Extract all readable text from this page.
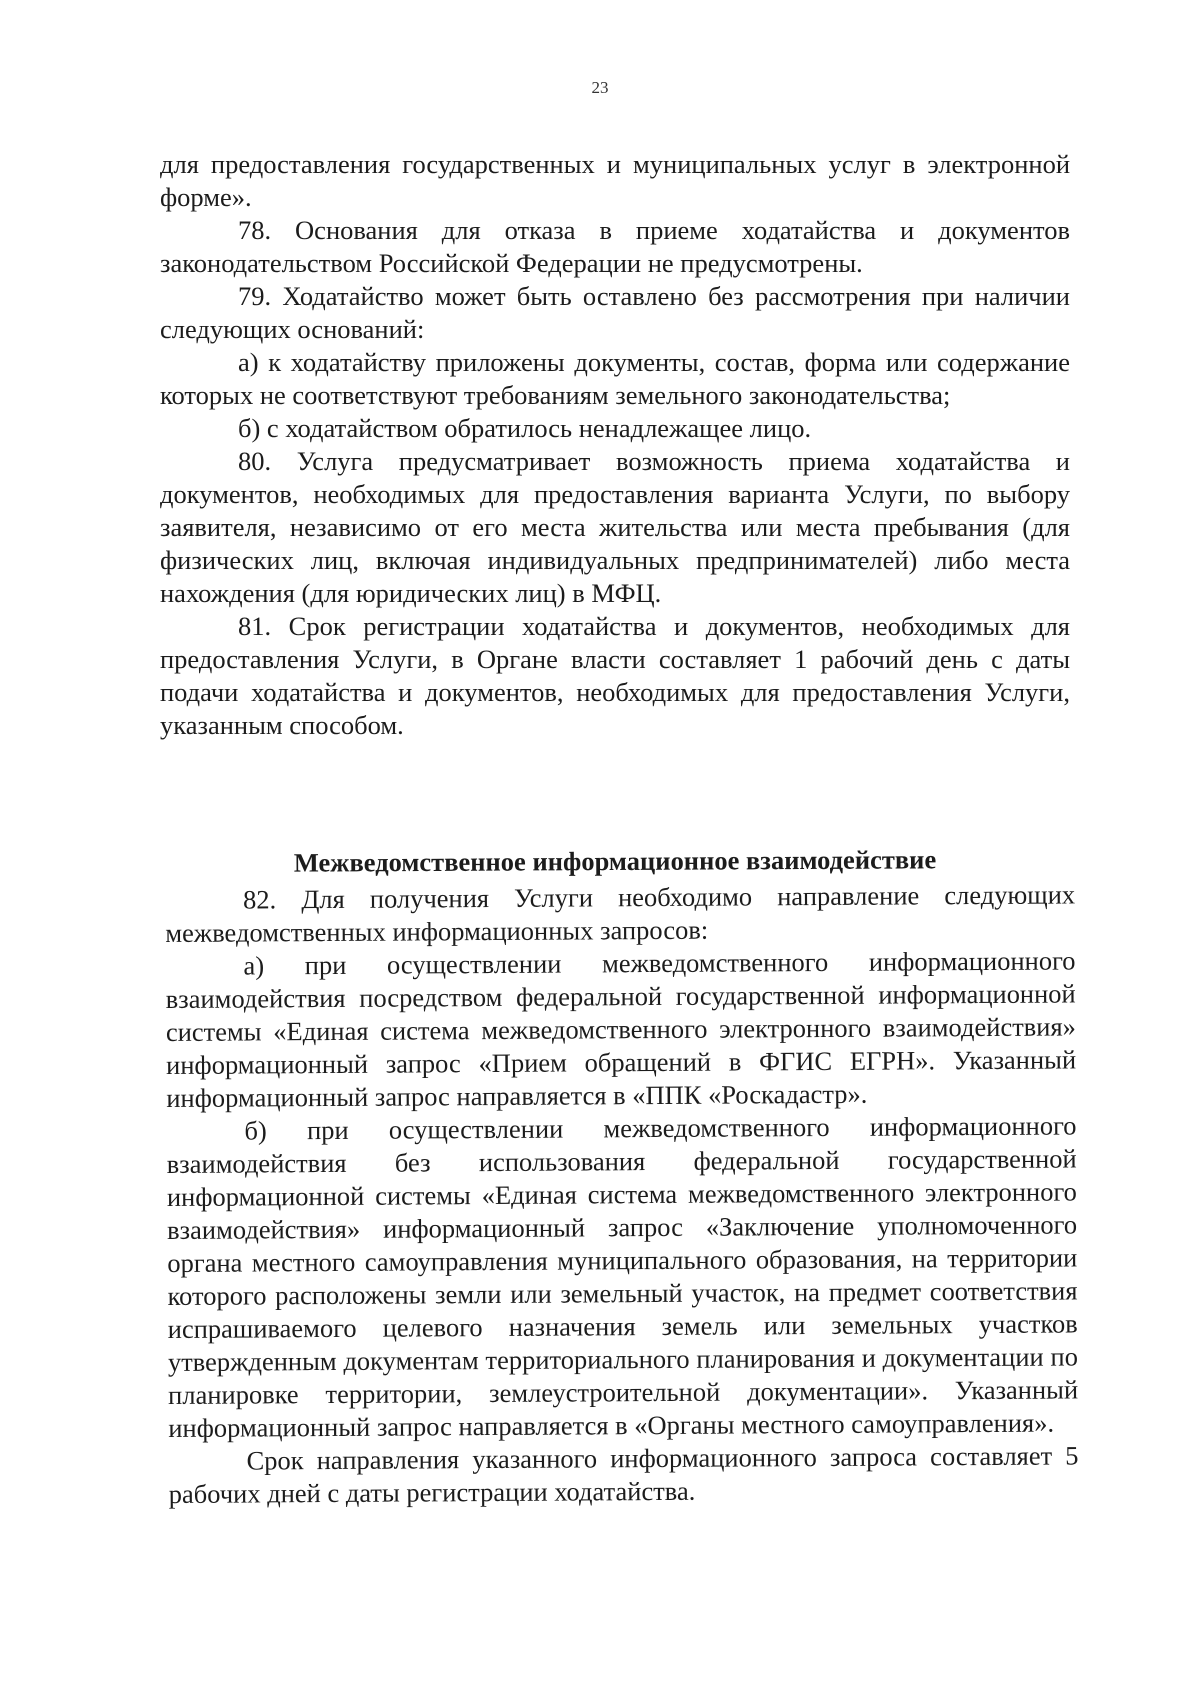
23

для предоставления государственных и муниципальных услуг в электронной форме».

78. Основания для отказа в приеме ходатайства и документов законодательством Российской Федерации не предусмотрены.

79. Ходатайство может быть оставлено без рассмотрения при наличии следующих оснований:

а) к ходатайству приложены документы, состав, форма или содержание которых не соответствуют требованиям земельного законодательства;

б) с ходатайством обратилось ненадлежащее лицо.

80. Услуга предусматривает возможность приема ходатайства и документов, необходимых для предоставления варианта Услуги, по выбору заявителя, независимо от его места жительства или места пребывания (для физических лиц, включая индивидуальных предпринимателей) либо места нахождения (для юридических лиц) в МФЦ.

81. Срок регистрации ходатайства и документов, необходимых для предоставления Услуги, в Органе власти составляет 1 рабочий день с даты подачи ходатайства и документов, необходимых для предоставления Услуги, указанным способом.

Межведомственное информационное взаимодействие

82. Для получения Услуги необходимо направление следующих межведомственных информационных запросов:

а) при осуществлении межведомственного информационного взаимодействия посредством федеральной государственной информационной системы «Единая система межведомственного электронного взаимодействия» информационный запрос «Прием обращений в ФГИС ЕГРН». Указанный информационный запрос направляется в «ППК «Роскадастр».

б) при осуществлении межведомственного информационного взаимодействия без использования федеральной государственной информационной системы «Единая система межведомственного электронного взаимодействия» информационный запрос «Заключение уполномоченного органа местного самоуправления муниципального образования, на территории которого расположены земли или земельный участок, на предмет соответствия испрашиваемого целевого назначения земель или земельных участков утвержденным документам территориального планирования и документации по планировке территории, землеустроительной документации». Указанный информационный запрос направляется в «Органы местного самоуправления».

Срок направления указанного информационного запроса составляет 5 рабочих дней с даты регистрации ходатайства.
